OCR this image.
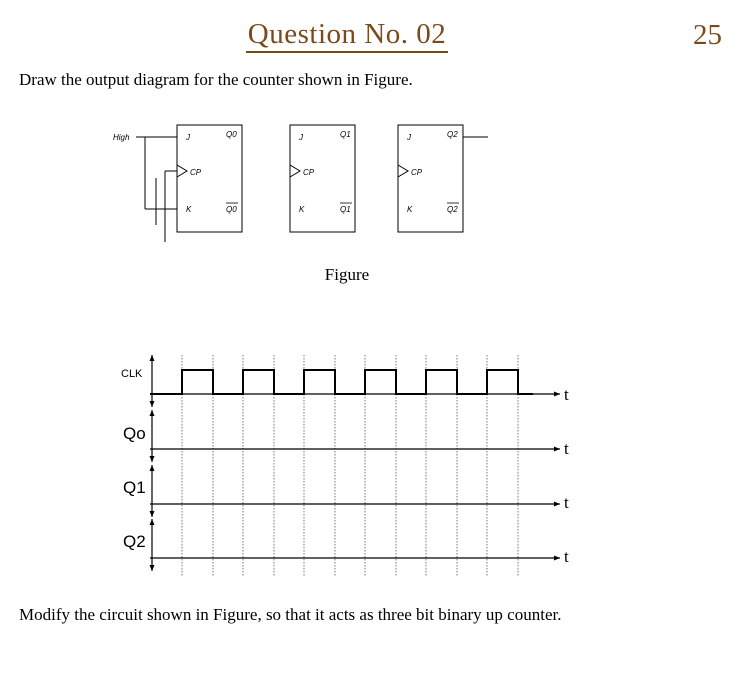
Question No. 02	25
Draw the output diagram for the counter shown in Figure.
High	J	Q0
CP
K	Q0
J	Q1
CP
K	Q1
J	Q2
CP
K	Q2
Figure
CLK
Qo
Q1
Q2
t
t
t
t
Modify the circuit shown in Figure, so that it acts as three bit binary up counter.
